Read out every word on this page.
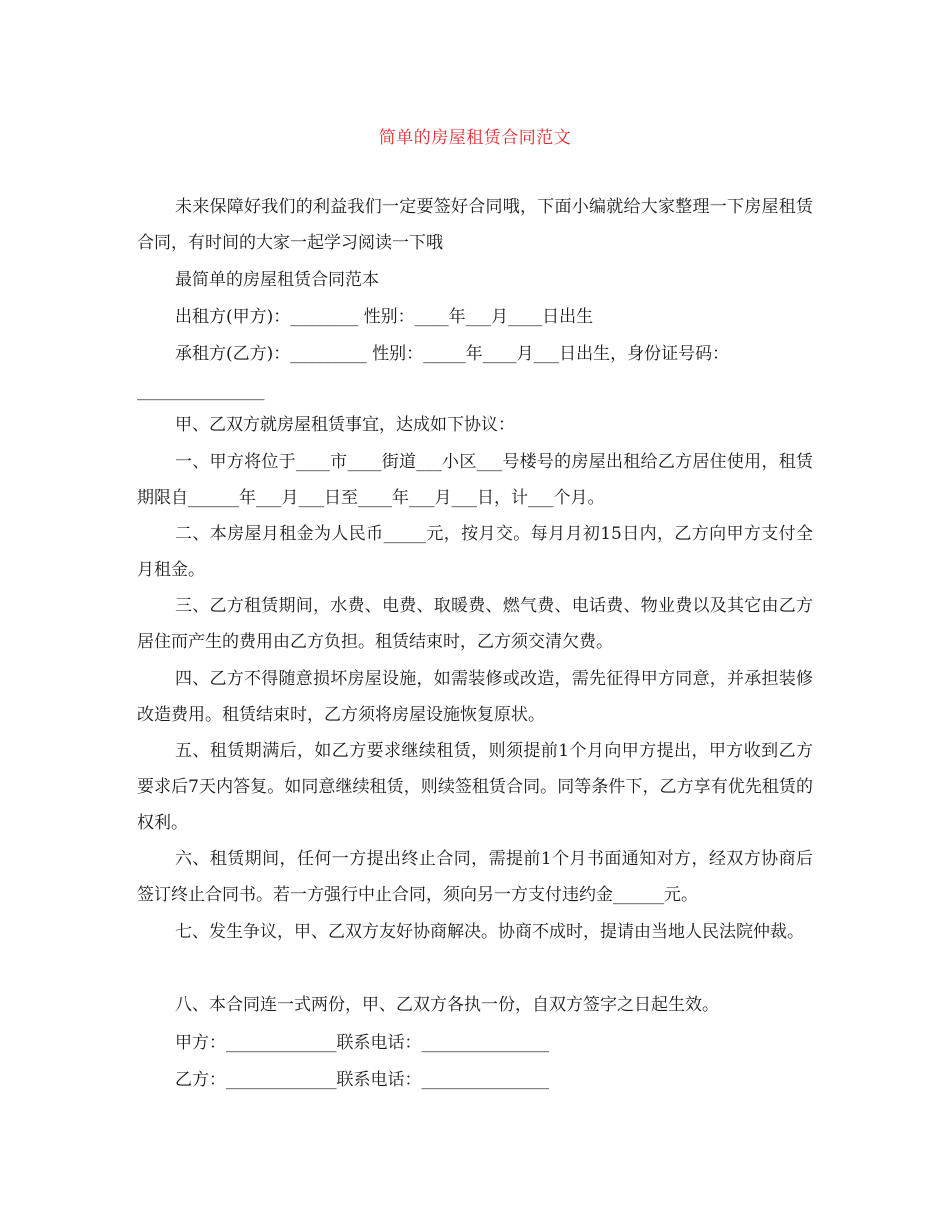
简单的房屋租赁合同范文

未来保障好我们的利益我们一定要签好合同哦，下面小编就给大家整理一下房屋租赁合同，有时间的大家一起学习阅读一下哦

最简单的房屋租赁合同范本

出租方(甲方)：________ 性别：____年___月____日出生

承租方(乙方)：_________ 性别：_____年____月___日出生，身份证号码：

_______________

甲、乙双方就房屋租赁事宜，达成如下协议：

一、甲方将位于____市____街道___小区___号楼号的房屋出租给乙方居住使用，租赁期限自______年___月___日至____年___月___日，计___个月。

二、本房屋月租金为人民币_____元，按月交。每月月初15日内，乙方向甲方支付全月租金。

三、乙方租赁期间，水费、电费、取暖费、燃气费、电话费、物业费以及其它由乙方居住而产生的费用由乙方负担。租赁结束时，乙方须交清欠费。

四、乙方不得随意损坏房屋设施，如需装修或改造，需先征得甲方同意，并承担装修改造费用。租赁结束时，乙方须将房屋设施恢复原状。

五、租赁期满后，如乙方要求继续租赁，则须提前1个月向甲方提出，甲方收到乙方要求后7天内答复。如同意继续租赁，则续签租赁合同。同等条件下，乙方享有优先租赁的权利。

六、租赁期间，任何一方提出终止合同，需提前1个月书面通知对方，经双方协商后签订终止合同书。若一方强行中止合同，须向另一方支付违约金______元。

七、发生争议，甲、乙双方友好协商解决。协商不成时，提请由当地人民法院仲裁。

八、本合同连一式两份，甲、乙双方各执一份，自双方签字之日起生效。

甲方：_____________联系电话：_______________

乙方：_____________联系电话：_______________
